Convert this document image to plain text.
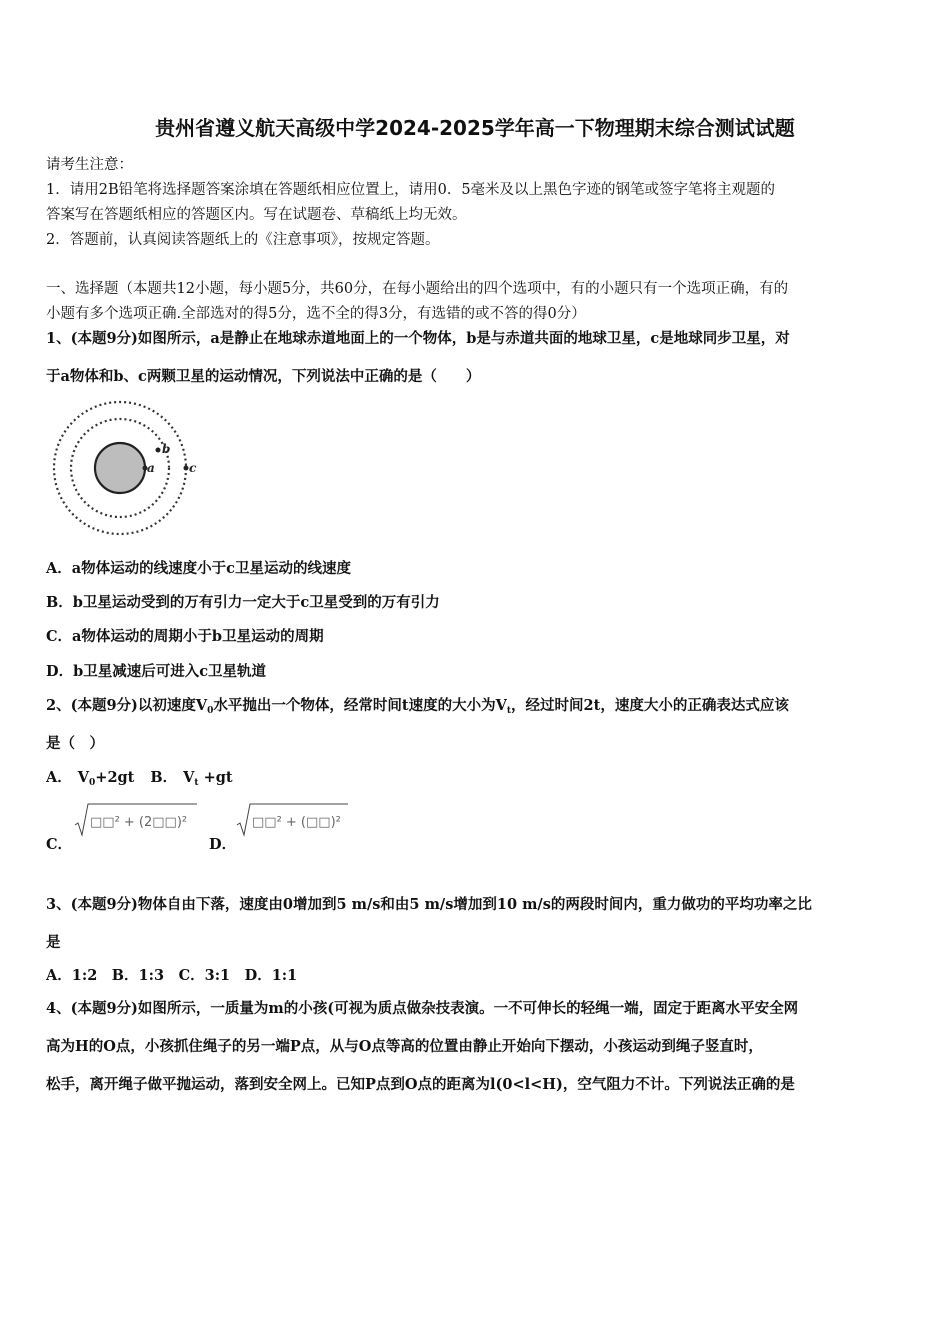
贵州省遵义航天高级中学2024-2025学年高一下物理期末综合测试试题
请考生注意：
1．请用2B铅笔将选择题答案涂填在答题纸相应位置上，请用0．5毫米及以上黑色字迹的钢笔或签字笔将主观题的
答案写在答题纸相应的答题区内。写在试题卷、草稿纸上均无效。
2．答题前，认真阅读答题纸上的《注意事项》，按规定答题。
一、选择题（本题共12小题，每小题5分，共60分，在每小题给出的四个选项中，有的小题只有一个选项正确，有的
小题有多个选项正确.全部选对的得5分，选不全的得3分，有选错的或不答的得0分）
1、(本题9分)如图所示，a是静止在地球赤道地面上的一个物体，b是与赤道共面的地球卫星，c是地球同步卫星，对
于a物体和b、c两颗卫星的运动情况，下列说法中正确的是（　　）
a
b
c
A．a物体运动的线速度小于c卫星运动的线速度
B．b卫星运动受到的万有引力一定大于c卫星受到的万有引力
C．a物体运动的周期小于b卫星运动的周期
D．b卫星减速后可进入c卫星轨道
2、(本题9分)以初速度$V_0$水平抛出一个物体，经常时间t速度的大小为$V_t$，经过时间2t，速度大小的正确表达式应该
是（　）
A． $V_0+2gt$ B． $V_t +gt$
C．
□□² + (2□□)²
D．
□□² + (□□)²
3、(本题9分)物体自由下落，速度由0增加到5 m/s和由5 m/s增加到10 m/s的两段时间内，重力做功的平均功率之比
是
A．1:2　B．1:3　C．3:1　D．1:1
4、(本题9分)如图所示，一质量为m的小孩(可视为质点做杂技表演。一不可伸长的轻绳一端，固定于距离水平安全网
高为H的O点，小孩抓住绳子的另一端P点，从与O点等高的位置由静止开始向下摆动，小孩运动到绳子竖直时，
松手，离开绳子做平抛运动，落到安全网上。已知P点到O点的距离为l(0<l<H)，空气阻力不计。下列说法正确的是
